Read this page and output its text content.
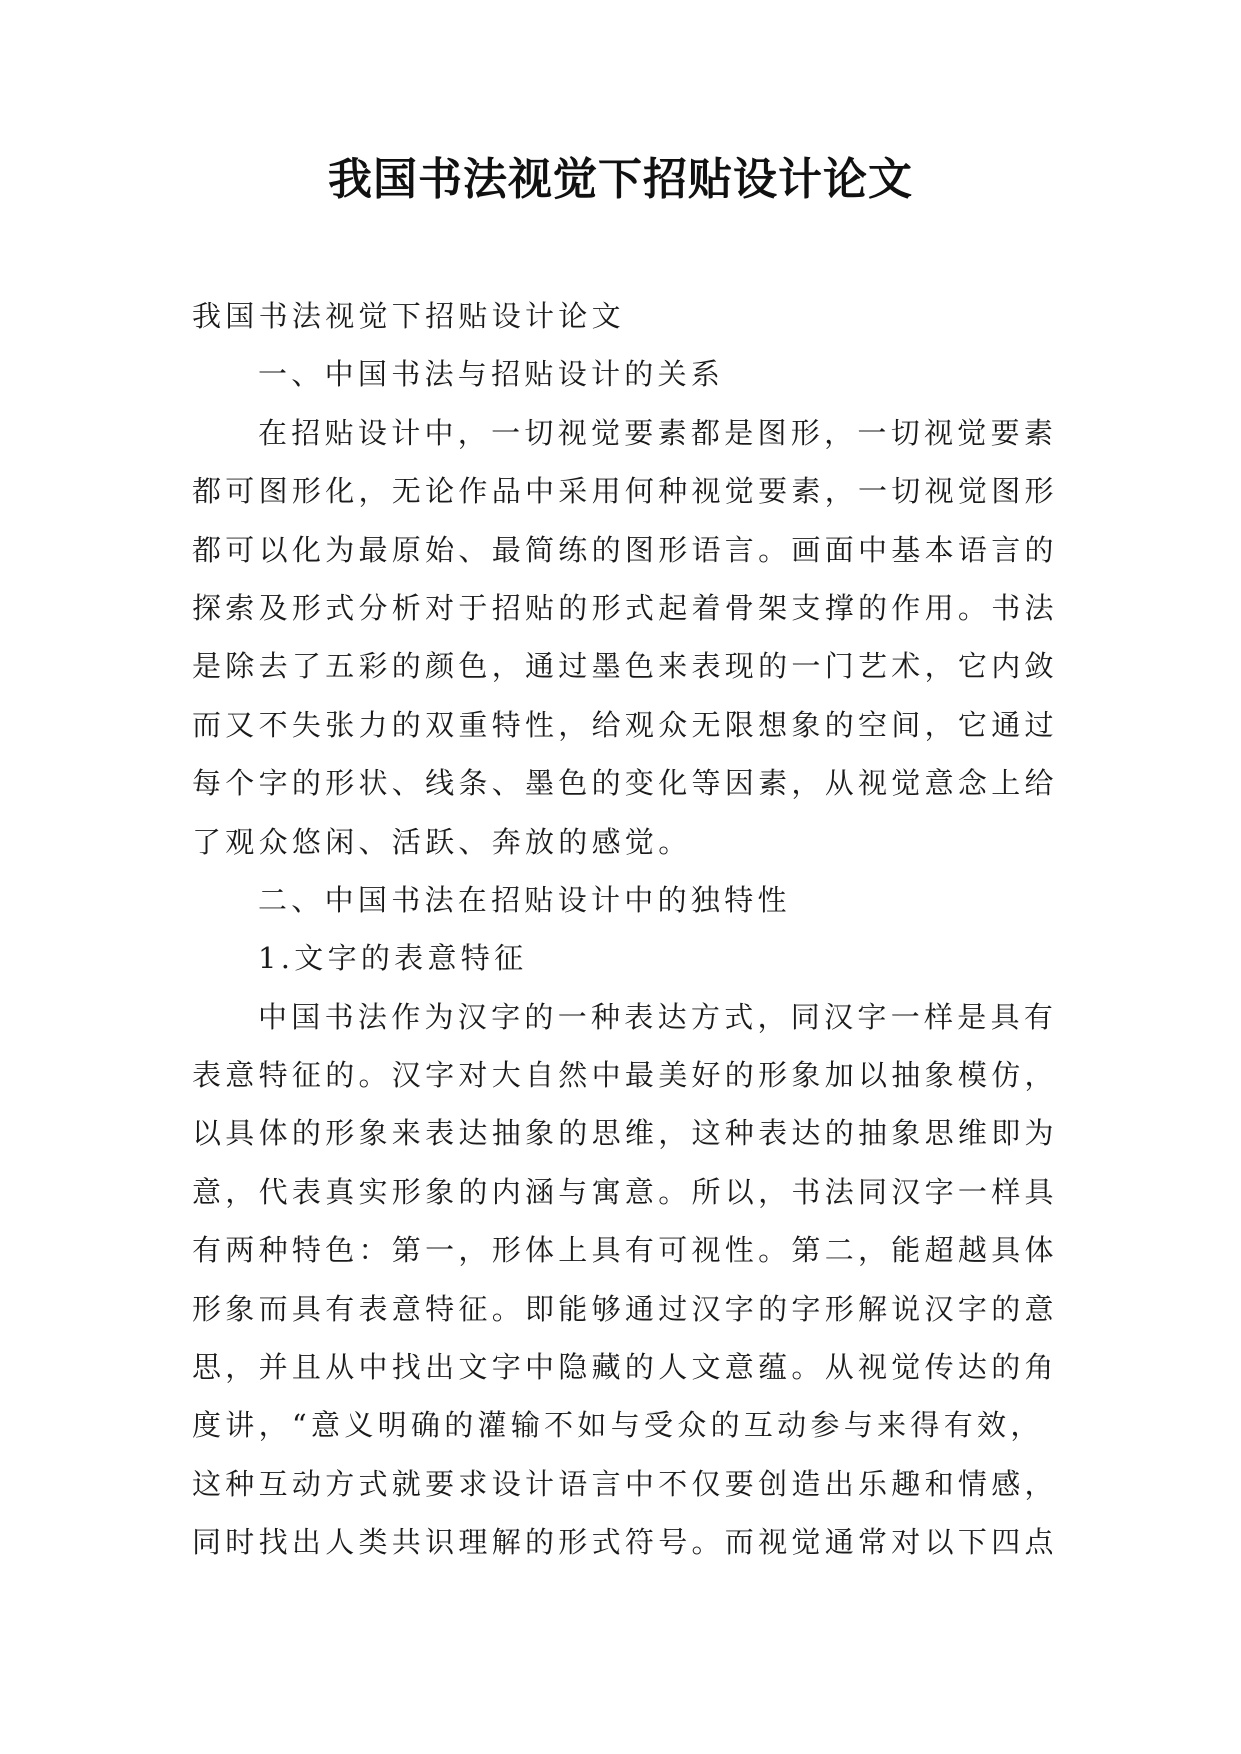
我国书法视觉下招贴设计论文
我国书法视觉下招贴设计论文
一、中国书法与招贴设计的关系
在招贴设计中，一切视觉要素都是图形，一切视觉要素
都可图形化，无论作品中采用何种视觉要素，一切视觉图形
都可以化为最原始、最简练的图形语言。画面中基本语言的
探索及形式分析对于招贴的形式起着骨架支撑的作用。书法
是除去了五彩的颜色，通过墨色来表现的一门艺术，它内敛
而又不失张力的双重特性，给观众无限想象的空间，它通过
每个字的形状、线条、墨色的变化等因素，从视觉意念上给
了观众悠闲、活跃、奔放的感觉。
二、中国书法在招贴设计中的独特性
1.文字的表意特征
中国书法作为汉字的一种表达方式，同汉字一样是具有
表意特征的。汉字对大自然中最美好的形象加以抽象模仿，
以具体的形象来表达抽象的思维，这种表达的抽象思维即为
意，代表真实形象的内涵与寓意。所以，书法同汉字一样具
有两种特色：第一，形体上具有可视性。第二，能超越具体
形象而具有表意特征。即能够通过汉字的字形解说汉字的意
思，并且从中找出文字中隐藏的人文意蕴。从视觉传达的角
度讲，“意义明确的灌输不如与受众的互动参与来得有效，
这种互动方式就要求设计语言中不仅要创造出乐趣和情感，
同时找出人类共识理解的形式符号。而视觉通常对以下四点
